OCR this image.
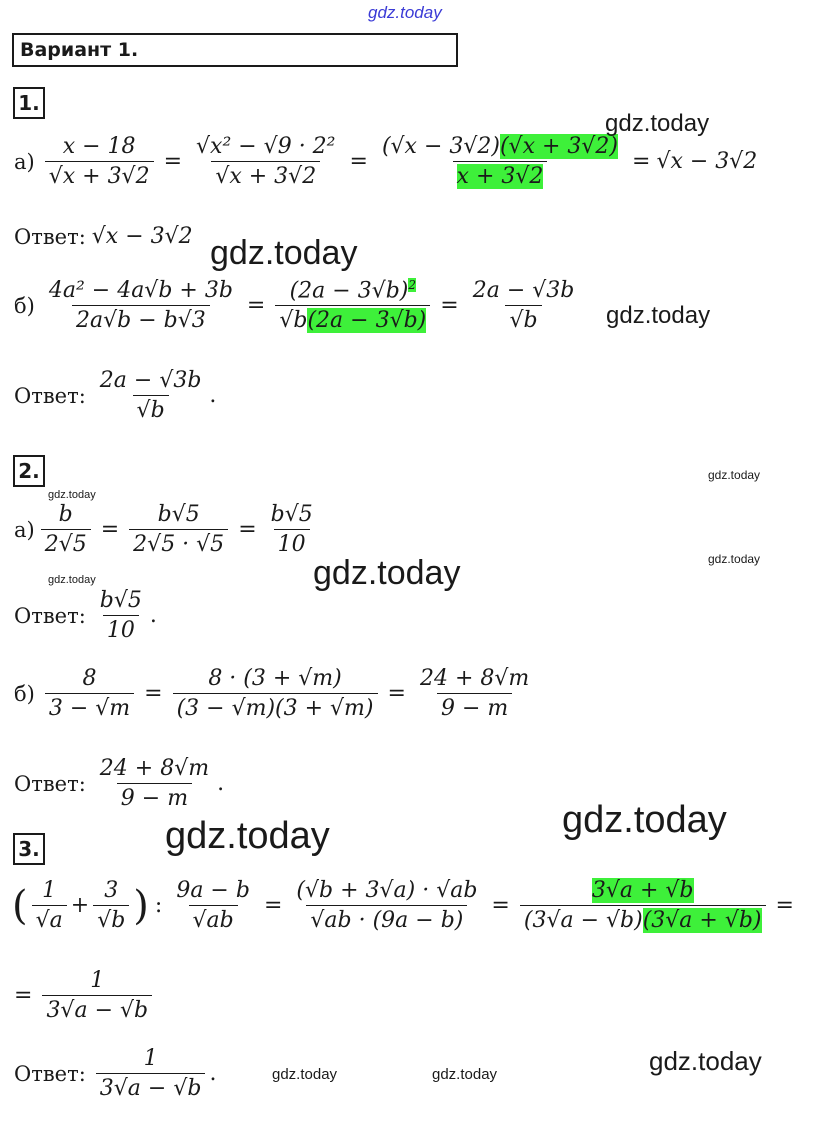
gdz.today
Вариант 1.
1.
$а) \frac{x - 18}{√x + 3√2} = \frac{\text{√x² − √9 · 2²}}{√x + 3√2} = \frac{(√x - 3√2)(√x + 3√2)}{x + 3√2} = √x - 3√2$
Ответ: √x − 3√2
$б) \frac{\text{4a² − 4a√b + 3b}}{2a√b - b√3} = \frac{(2a - 3√b)^2}{√b(2a - 3√b)} = \frac{2a - √3b}{√b}$
Ответ: $\frac{2a - √3b}{√b}$ .
2.
$а) \frac{b}{2√5} = \frac{b√5}{2√5 \cdot √5} = \frac{b√5}{10}$
Ответ: $\frac{b√5}{10}$ .
$б) \frac{8}{3 - √m} = \frac{8 \cdot (3 + √m)}{(3 - √m)(3 + √m)} = \frac{24 + 8√m}{9 - m}$
Ответ: $\frac{24 + 8√m}{9 - m}$ .
3.
( $\frac{1}{√a} + \frac{3}{√b}$ ) : $\frac{9a - b}{√ab} = \frac{(√b + 3√a) \cdot √ab}{√ab \cdot (9a - b)} = \frac{3√a + √b}{(3√a - √b)(3√a + √b)}$ =
= $\frac{1}{3√a - √b}$
Ответ: $\frac{1}{3√a - √b}$ .
gdz.today
gdz.today
gdz.today
gdz.today
gdz.today
gdz.today
gdz.today
gdz.today
gdz.today
gdz.today
gdz.today
gdz.today	gdz.today
